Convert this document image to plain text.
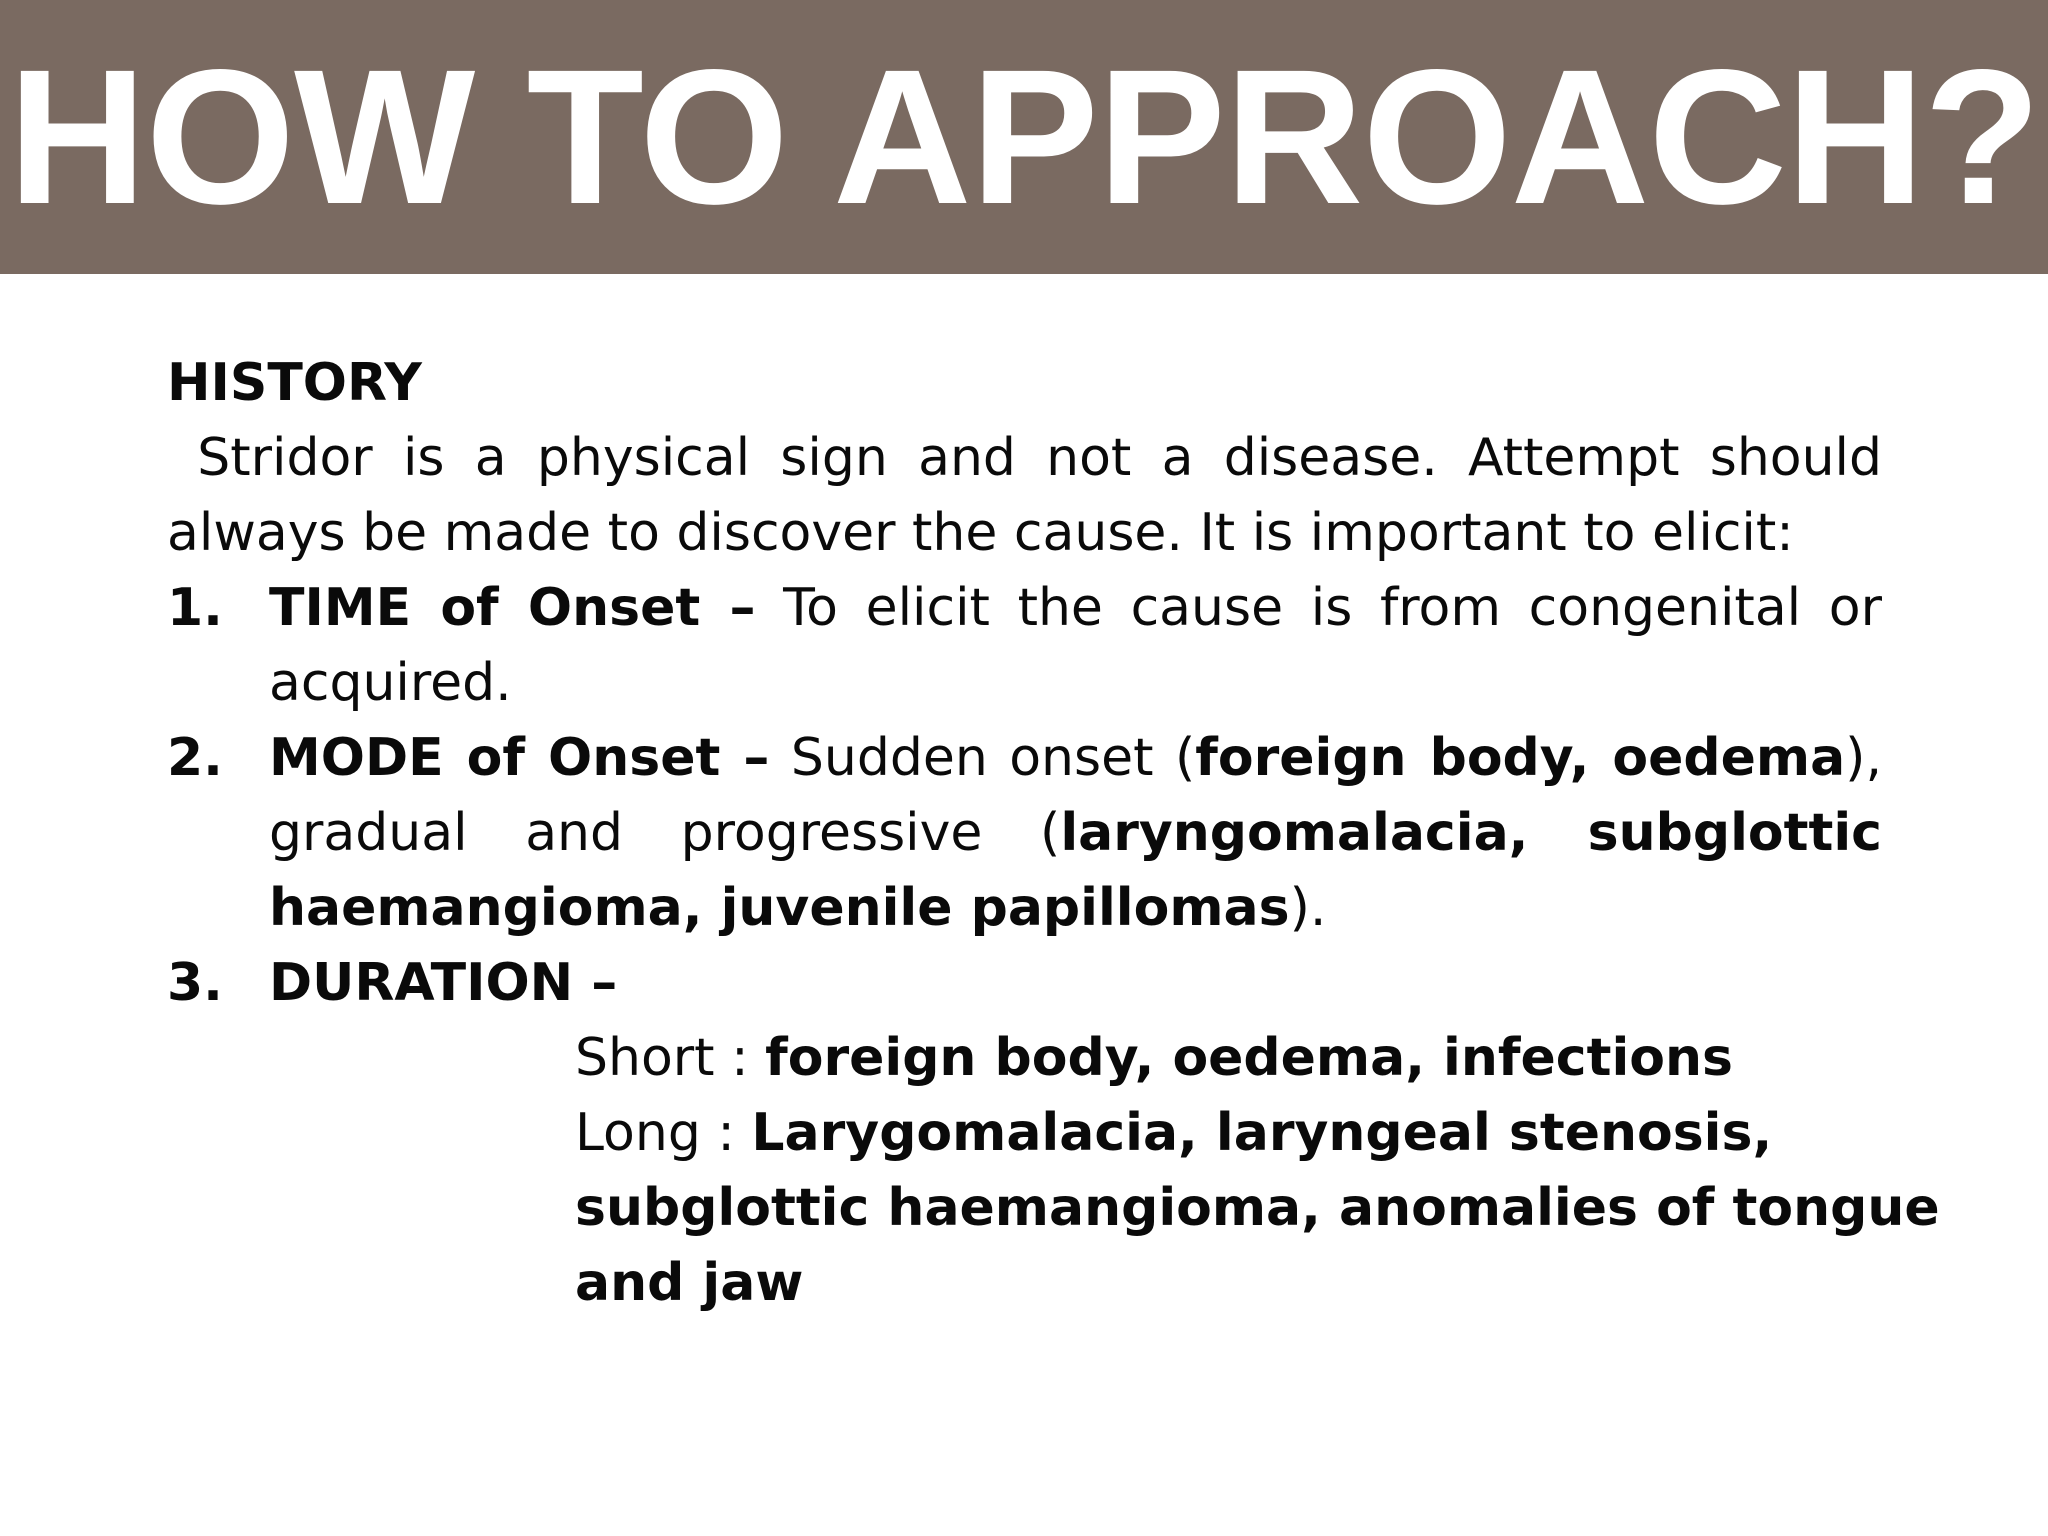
HOW TO APPROACH?

HISTORY

Stridor is a physical sign and not a disease. Attempt should always be made to discover the cause. It is important to elicit:

1. TIME of Onset – To elicit the cause is from congenital or acquired.
2. MODE of Onset – Sudden onset (foreign body, oedema), gradual and progressive (laryngomalacia, subglottic haemangioma, juvenile papillomas).
3. DURATION –

Short : foreign body, oedema, infections

Long : Larygomalacia, laryngeal stenosis,

subglottic haemangioma, anomalies of tongue

and jaw
